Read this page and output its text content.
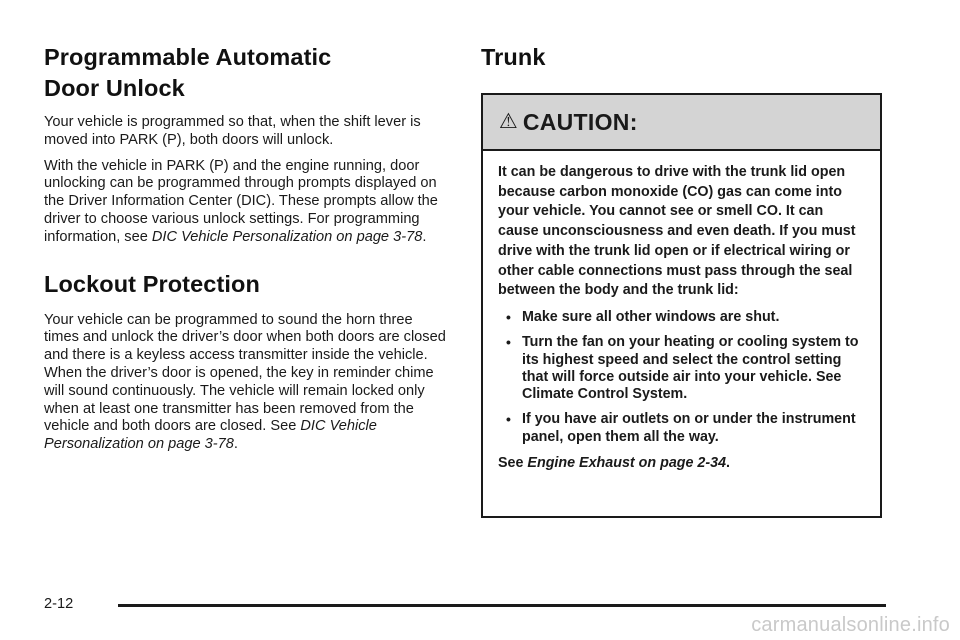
Programmable Automatic
Door Unlock

Your vehicle is programmed so that, when the shift lever is moved into PARK (P), both doors will unlock.

With the vehicle in PARK (P) and the engine running, door unlocking can be programmed through prompts displayed on the Driver Information Center (DIC). These prompts allow the driver to choose various unlock settings. For programming information, see DIC Vehicle Personalization on page 3-78.

Lockout Protection

Your vehicle can be programmed to sound the horn three times and unlock the driver’s door when both doors are closed and there is a keyless access transmitter inside the vehicle. When the driver’s door is opened, the key in reminder chime will sound continuously. The vehicle will remain locked only when at least one transmitter has been removed from the vehicle and both doors are closed. See DIC Vehicle Personalization on page 3-78.

Trunk
⚠ CAUTION:

It can be dangerous to drive with the trunk lid open because carbon monoxide (CO) gas can come into your vehicle. You cannot see or smell CO. It can cause unconsciousness and even death. If you must drive with the trunk lid open or if electrical wiring or other cable connections must pass through the seal between the body and the trunk lid:

• Make sure all other windows are shut.
• Turn the fan on your heating or cooling system to its highest speed and select the control setting that will force outside air into your vehicle. See Climate Control System.
• If you have air outlets on or under the instrument panel, open them all the way.

See Engine Exhaust on page 2-34.

2-12
carmanualsonline.info
